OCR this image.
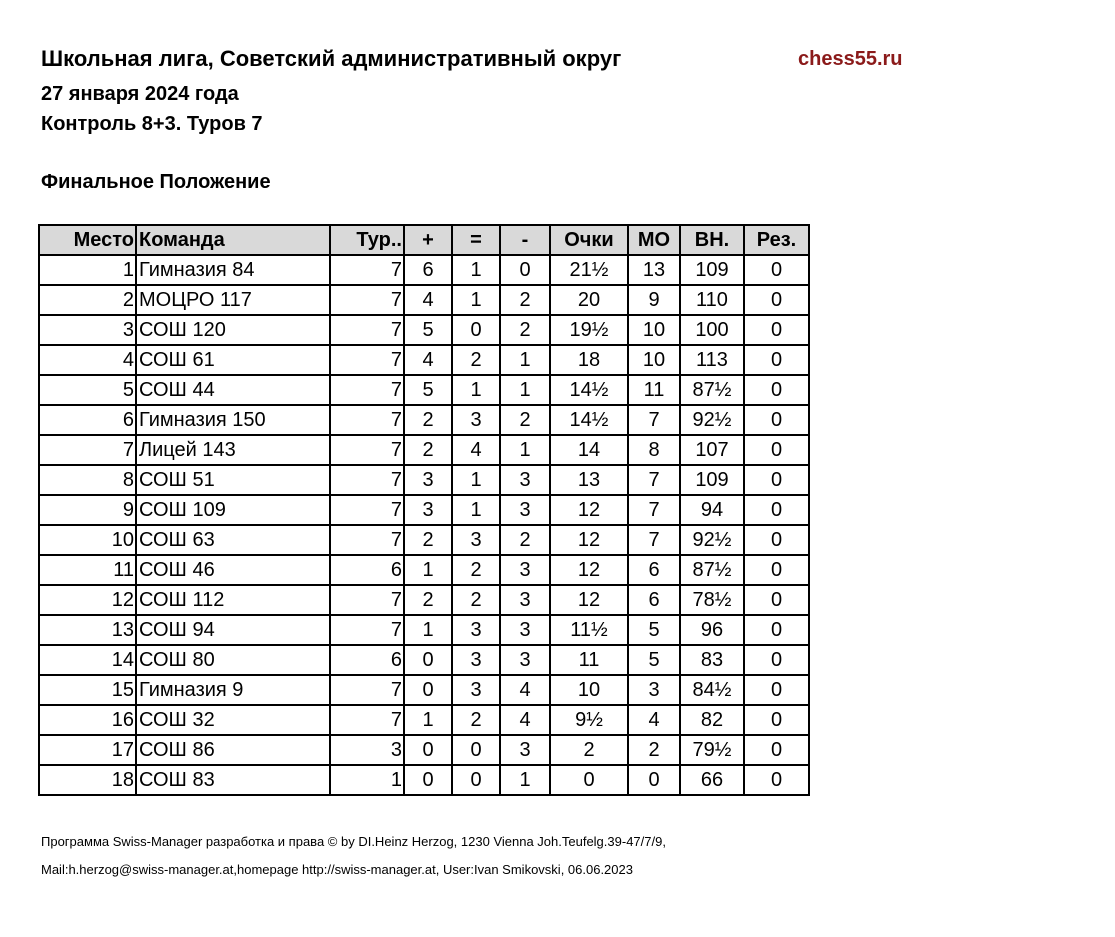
Школьная лига, Советский административный округ	chess55.ru
27 января 2024 года
Контроль 8+3. Туров 7
Финальное Положение
Место	Команда	Тур..	+	=	-	Очки	МО	ВН.	Рез.
1	Гимназия 84	7	6	1	0	21½	13	109	0
2	МОЦРО 117	7	4	1	2	20	9	110	0
3	СОШ 120	7	5	0	2	19½	10	100	0
4	СОШ 61	7	4	2	1	18	10	113	0
5	СОШ 44	7	5	1	1	14½	11	87½	0
6	Гимназия 150	7	2	3	2	14½	7	92½	0
7	Лицей 143	7	2	4	1	14	8	107	0
8	СОШ 51	7	3	1	3	13	7	109	0
9	СОШ 109	7	3	1	3	12	7	94	0
10	СОШ 63	7	2	3	2	12	7	92½	0
11	СОШ 46	6	1	2	3	12	6	87½	0
12	СОШ 112	7	2	2	3	12	6	78½	0
13	СОШ 94	7	1	3	3	11½	5	96	0
14	СОШ 80	6	0	3	3	11	5	83	0
15	Гимназия 9	7	0	3	4	10	3	84½	0
16	СОШ 32	7	1	2	4	9½	4	82	0
17	СОШ 86	3	0	0	3	2	2	79½	0
18	СОШ 83	1	0	0	1	0	0	66	0
Программа Swiss-Manager разработка и права © by DI.Heinz Herzog, 1230 Vienna Joh.Teufelg.39-47/7/9,
Mail:h.herzog@swiss-manager.at,homepage http://swiss-manager.at, User:Ivan Smikovski, 06.06.2023
